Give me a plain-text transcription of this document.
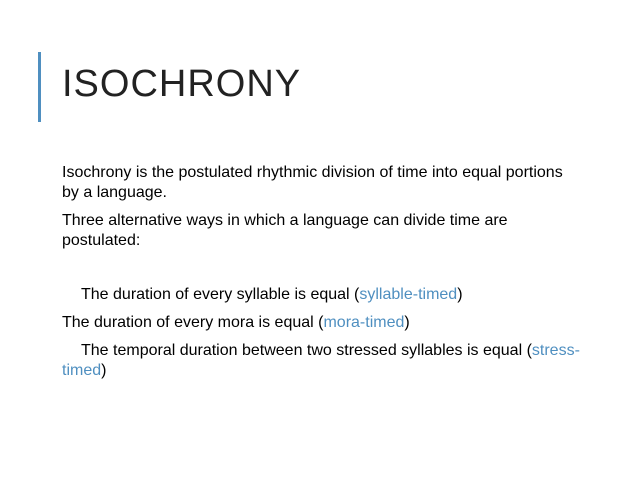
ISOCHRONY

Isochrony is the postulated rhythmic division of time into equal portions by a language.

Three alternative ways in which a language can divide time are postulated:

The duration of every syllable is equal (syllable-timed)

The duration of every mora is equal (mora-timed)

The temporal duration between two stressed syllables is equal (stress-timed)
